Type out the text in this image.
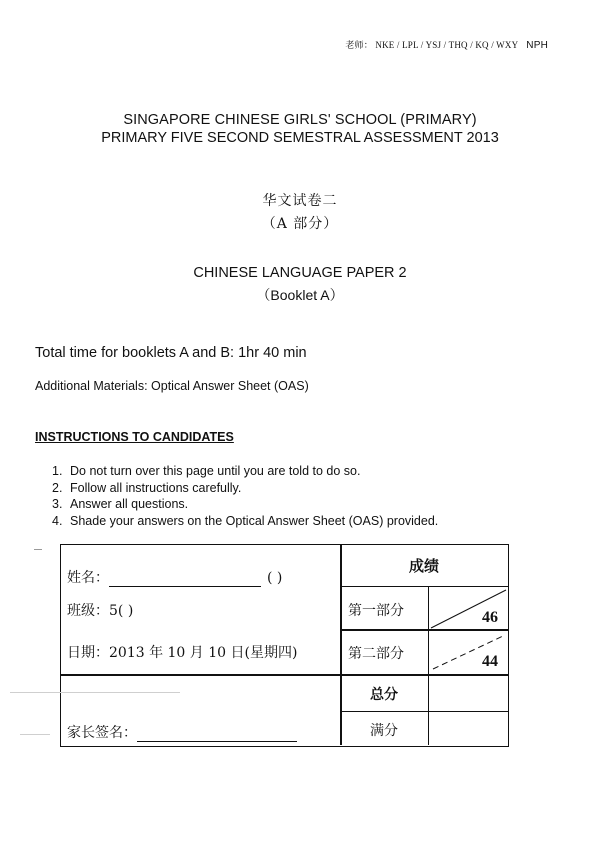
老师： NKE / LPL / YSJ / THQ / KQ / WXY NPH
SINGAPORE CHINESE GIRLS' SCHOOL (PRIMARY)
PRIMARY FIVE SECOND SEMESTRAL ASSESSMENT 2013
华文试卷二
（A 部分）
CHINESE LANGUAGE PAPER 2
（Booklet A）
Total time for booklets A and B: 1hr 40 min
Additional Materials: Optical Answer Sheet (OAS)
INSTRUCTIONS TO CANDIDATES
1. Do not turn over this page until you are told to do so.
2. Follow all instructions carefully.
3. Answer all questions.
4. Shade your answers on the Optical Answer Sheet (OAS) provided.
姓名：	( )
班级：5( )
日期：2013 年 10 月 10 日(星期四)
家长签名：
成绩
第一部分	46
第二部分	44
总分
满分
